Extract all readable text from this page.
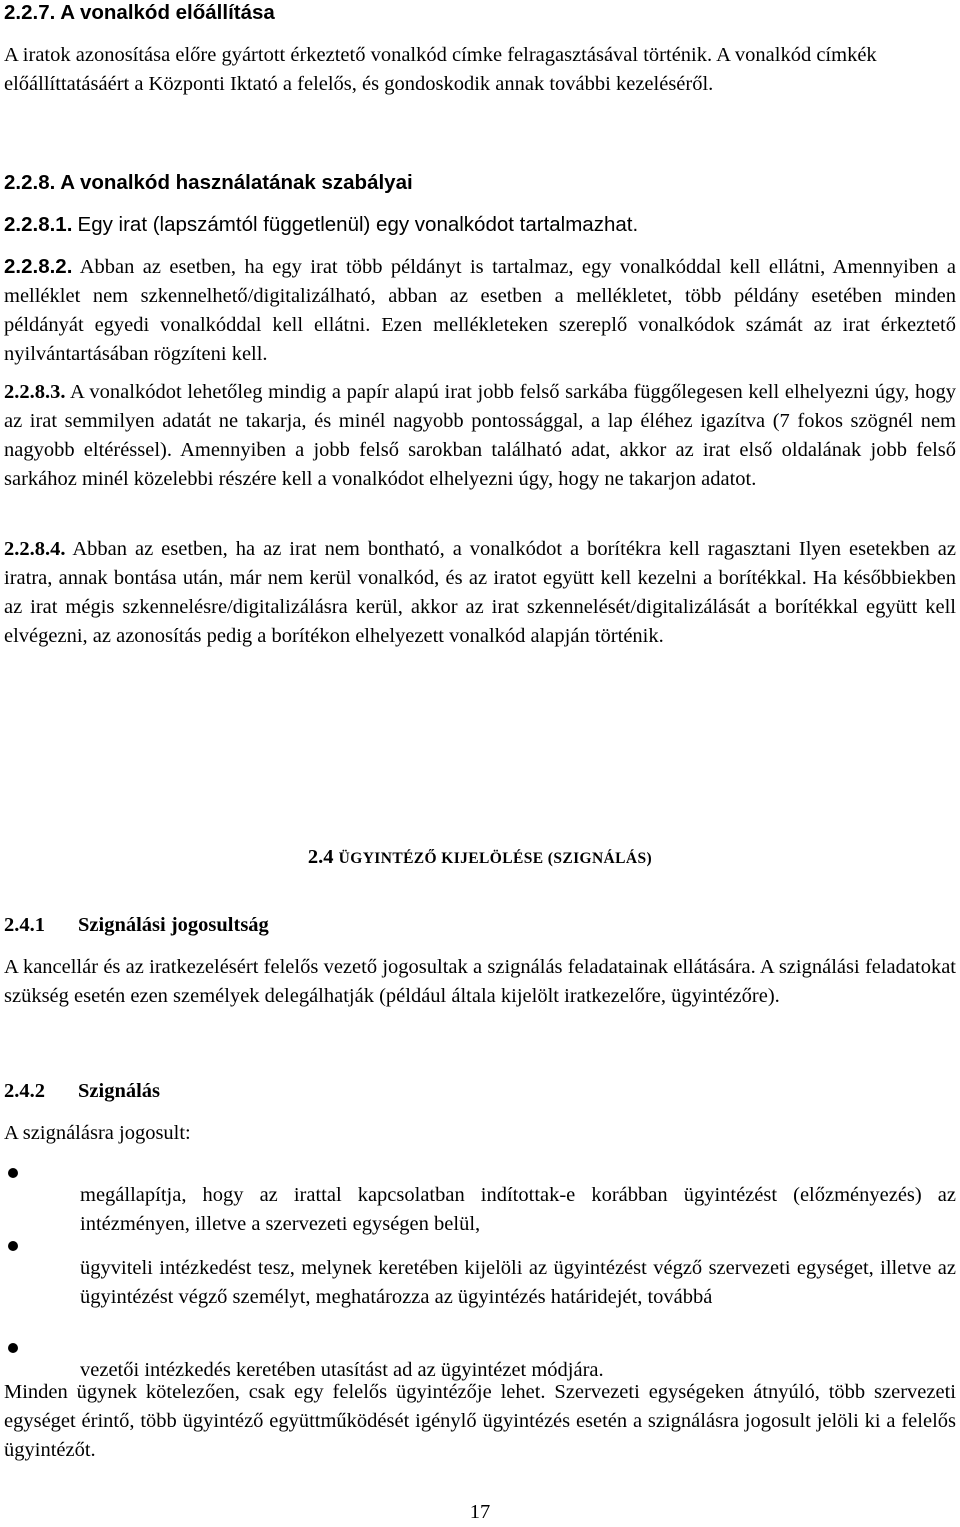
2.2.7. A vonalkód előállítása

A iratok azonosítása előre gyártott érkeztető vonalkód címke felragasztásával történik. A vonalkód címkék előállíttatásáért a Központi Iktató a felelős, és gondoskodik annak további kezeléséről.

2.2.8. A vonalkód használatának szabályai
2.2.8.1. Egy irat (lapszámtól függetlenül) egy vonalkódot tartalmazhat.

2.2.8.2. Abban az esetben, ha egy irat több példányt is tartalmaz, egy vonalkóddal kell ellátni, Amennyiben a melléklet nem szkennelhető/digitalizálható, abban az esetben a mellékletet, több példány esetében minden példányát egyedi vonalkóddal kell ellátni. Ezen mellékleteken szereplő vonalkódok számát az irat érkeztető nyilvántartásában rögzíteni kell.

2.2.8.3. A vonalkódot lehetőleg mindig a papír alapú irat jobb felső sarkába függőlegesen kell elhelyezni úgy, hogy az irat semmilyen adatát ne takarja, és minél nagyobb pontossággal, a lap éléhez igazítva (7 fokos szögnél nem nagyobb eltéréssel). Amennyiben a jobb felső sarokban található adat, akkor az irat első oldalának jobb felső sarkához minél közelebbi részére kell a vonalkódot elhelyezni úgy, hogy ne takarjon adatot.

2.2.8.4. Abban az esetben, ha az irat nem bontható, a vonalkódot a borítékra kell ragasztani Ilyen esetekben az iratra, annak bontása után, már nem kerül vonalkód, és az iratot együtt kell kezelni a borítékkal. Ha későbbiekben az irat mégis szkennelésre/digitalizálásra kerül, akkor az irat szkennelését/digitalizálását a borítékkal együtt kell elvégezni, az azonosítás pedig a borítékon elhelyezett vonalkód alapján történik.

2.4 ÜGYINTÉZŐ KIJELÖLÉSE (SZIGNÁLÁS)
2.4.1 Szignálási jogosultság

A kancellár és az iratkezelésért felelős vezető jogosultak a szignálás feladatainak ellátására. A szignálási feladatokat szükség esetén ezen személyek delegálhatják (például általa kijelölt iratkezelőre, ügyintézőre).

2.4.2 Szignálás

A szignálásra jogosult:

megállapítja, hogy az irattal kapcsolatban indítottak-e korábban ügyintézést (előzményezés) az intézményen, illetve a szervezeti egységen belül,

ügyviteli intézkedést tesz, melynek keretében kijelöli az ügyintézést végző szervezeti egységet, illetve az ügyintézést végző személyt, meghatározza az ügyintézés határidejét, továbbá

vezetői intézkedés keretében utasítást ad az ügyintézet módjára.

Minden ügynek kötelezően, csak egy felelős ügyintézője lehet. Szervezeti egységeken átnyúló, több szervezeti egységet érintő, több ügyintéző együttműködését igénylő ügyintézés esetén a szignálásra jogosult jelöli ki a felelős ügyintézőt.

17
